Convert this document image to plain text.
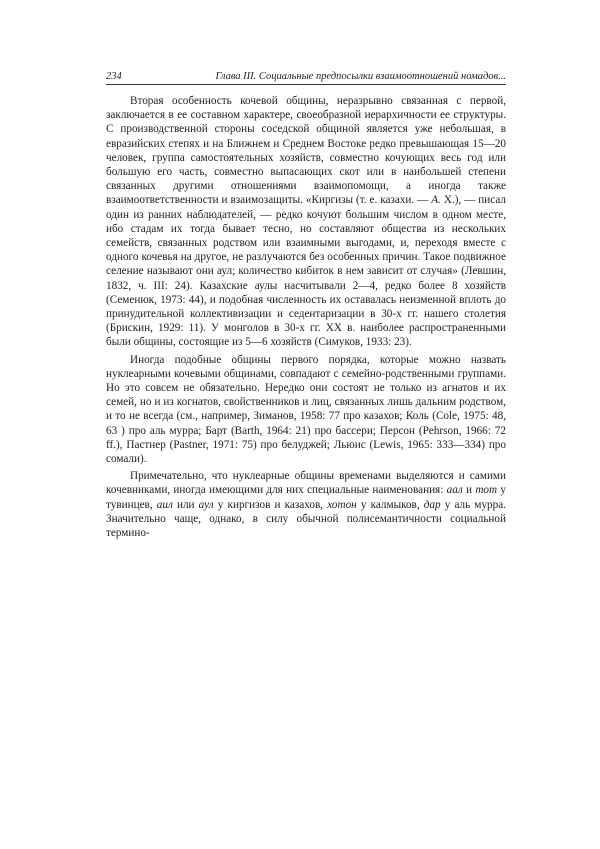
234	Глава III. Социальные предпосылки взаимоотношений номадов...

Вторая особенность кочевой общины, неразрывно связанная с первой, заключается в ее составном характере, своеобразной иерархичности ее структуры. С производственной стороны соседской общиной является уже небольшая, в евразийских степях и на Ближнем и Среднем Востоке редко превышающая 15—20 человек, группа самостоятельных хозяйств, совместно кочующих весь год или большую его часть, совместно выпасающих скот или в наибольшей степени связанных другими отношениями взаимопомощи, а иногда также взаимоответственности и взаимозащиты. «Киргизы (т. е. казахи. — А. Х.), — писал один из ранних наблюдателей, — редко кочуют большим числом в одном месте, ибо стадам их тогда бывает тесно, но составляют общества из нескольких семейств, связанных родством или взаимными выгодами, и, переходя вместе с одного кочевья на другое, не разлучаются без особенных причин. Такое подвижное селение называют они аул; количество кибиток в нем зависит от случая» (Левшин, 1832, ч. III: 24). Казахские аулы насчитывали 2—4, редко более 8 хозяйств (Семенюк, 1973: 44), и подобная численность их оставалась неизменной вплоть до принудительной коллективизации и седентаризации в 30-х гг. нашего столетия (Брискин, 1929: 11). У монголов в 30-х гг. XX в. наиболее распространенными были общины, состоящие из 5—6 хозяйств (Симуков, 1933: 23).

Иногда подобные общины первого порядка, которые можно назвать нуклеарными кочевыми общинами, совпадают с семейно-родственными группами. Но это совсем не обязательно. Нередко они состоят не только из агнатов и их семей, но и из когнатов, свойственников и лиц, связанных лишь дальним родством, и то не всегда (см., например, Зиманов, 1958: 77 про казахов; Коль (Cole, 1975: 48, 63 ) про аль мурра; Барт (Barth, 1964: 21) про бассери; Персон (Pehrson, 1966: 72 ff.), Пастнер (Pastner, 1971: 75) про белуджей; Льюис (Lewis, 1965: 333—334) про сомали).

Примечательно, что нуклеарные общины временами выделяются и самими кочевниками, иногда имеющими для них специальные наименования: аал и тот у тувинцев, аил или аул у киргизов и казахов, хотон у калмыков, дар у аль мурра. Значительно чаще, однако, в силу обычной полисемантичности социальной термино-
